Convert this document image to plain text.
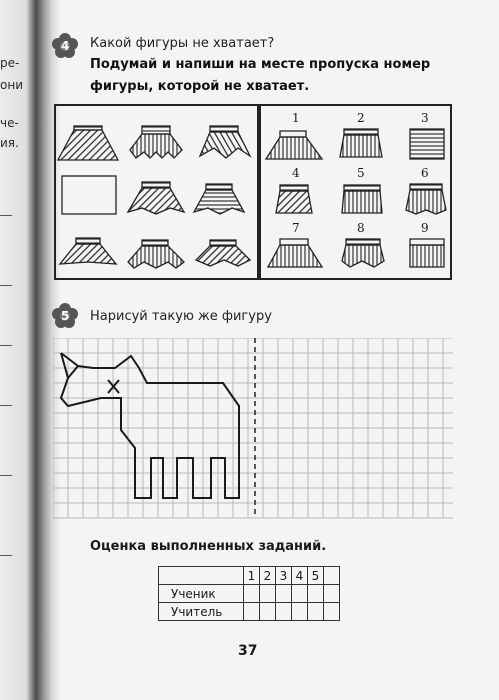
ре-
они
че-
ия.
4 Какой фигуры не хватает?
Подумай и напиши на месте пропуска номер
фигуры, которой не хватает.
1	2	3
4	5	6
7	8	9
5 Нарисуй такую же фигуру
Оценка выполненных заданий.
	1	2	3	4	5	
Ученик						
Учитель						
37
